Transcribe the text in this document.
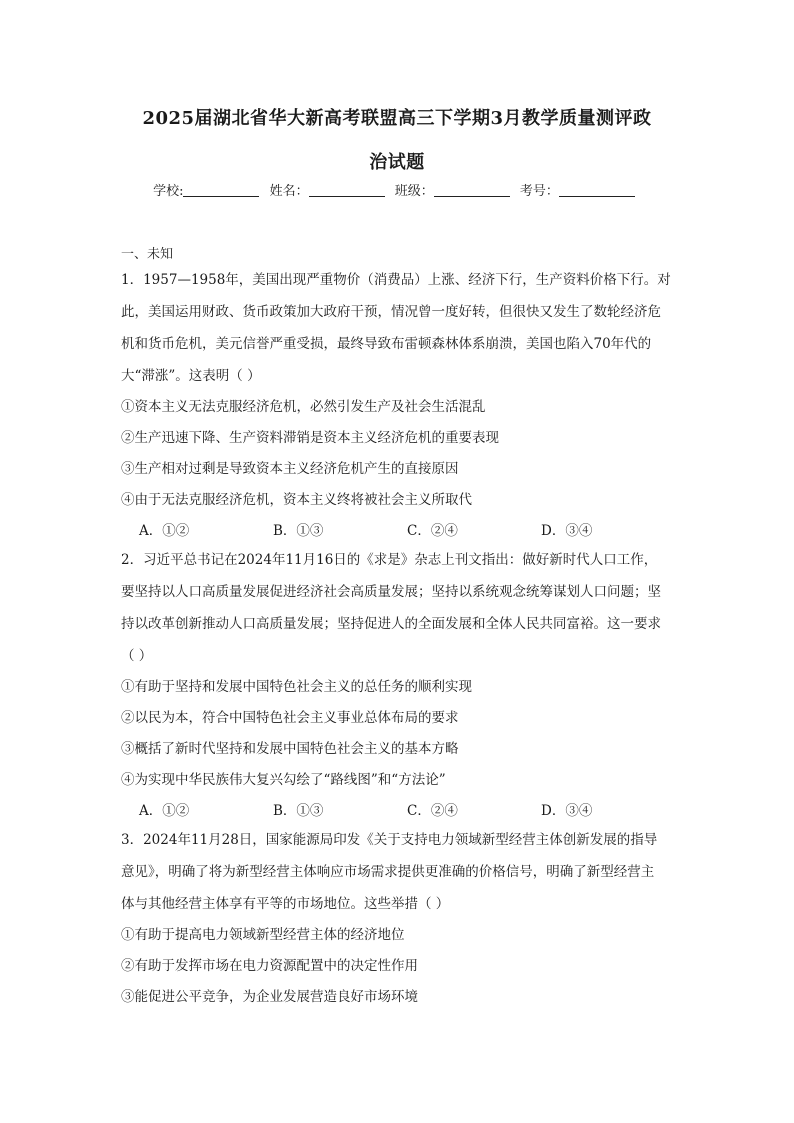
2025届湖北省华大新高考联盟高三下学期3月教学质量测评政
治试题
学校:	姓名：	班级：	考号：
一、未知

1．1957—1958年，美国出现严重物价（消费品）上涨、经济下行，生产资料价格下行。对

此，美国运用财政、货币政策加大政府干预，情况曾一度好转，但很快又发生了数轮经济危

机和货币危机，美元信誉严重受损，最终导致布雷顿森林体系崩溃，美国也陷入70年代的

大“滞涨”。这表明（ ）

①资本主义无法克服经济危机，必然引发生产及社会生活混乱

②生产迅速下降、生产资料滞销是资本主义经济危机的重要表现

③生产相对过剩是导致资本主义经济危机产生的直接原因

④由于无法克服经济危机，资本主义终将被社会主义所取代

A．①②	B．①③	C．②④	D．③④

2．习近平总书记在2024年11月16日的《求是》杂志上刊文指出：做好新时代人口工作，

要坚持以人口高质量发展促进经济社会高质量发展；坚持以系统观念统筹谋划人口问题；坚

持以改革创新推动人口高质量发展；坚持促进人的全面发展和全体人民共同富裕。这一要求

（ ）

①有助于坚持和发展中国特色社会主义的总任务的顺利实现

②以民为本，符合中国特色社会主义事业总体布局的要求

③概括了新时代坚持和发展中国特色社会主义的基本方略

④为实现中华民族伟大复兴勾绘了“路线图”和“方法论”

A．①②	B．①③	C．②④	D．③④

3．2024年11月28日，国家能源局印发《关于支持电力领域新型经营主体创新发展的指导

意见》，明确了将为新型经营主体响应市场需求提供更准确的价格信号，明确了新型经营主

体与其他经营主体享有平等的市场地位。这些举措（ ）

①有助于提高电力领域新型经营主体的经济地位

②有助于发挥市场在电力资源配置中的决定性作用

③能促进公平竞争，为企业发展营造良好市场环境
